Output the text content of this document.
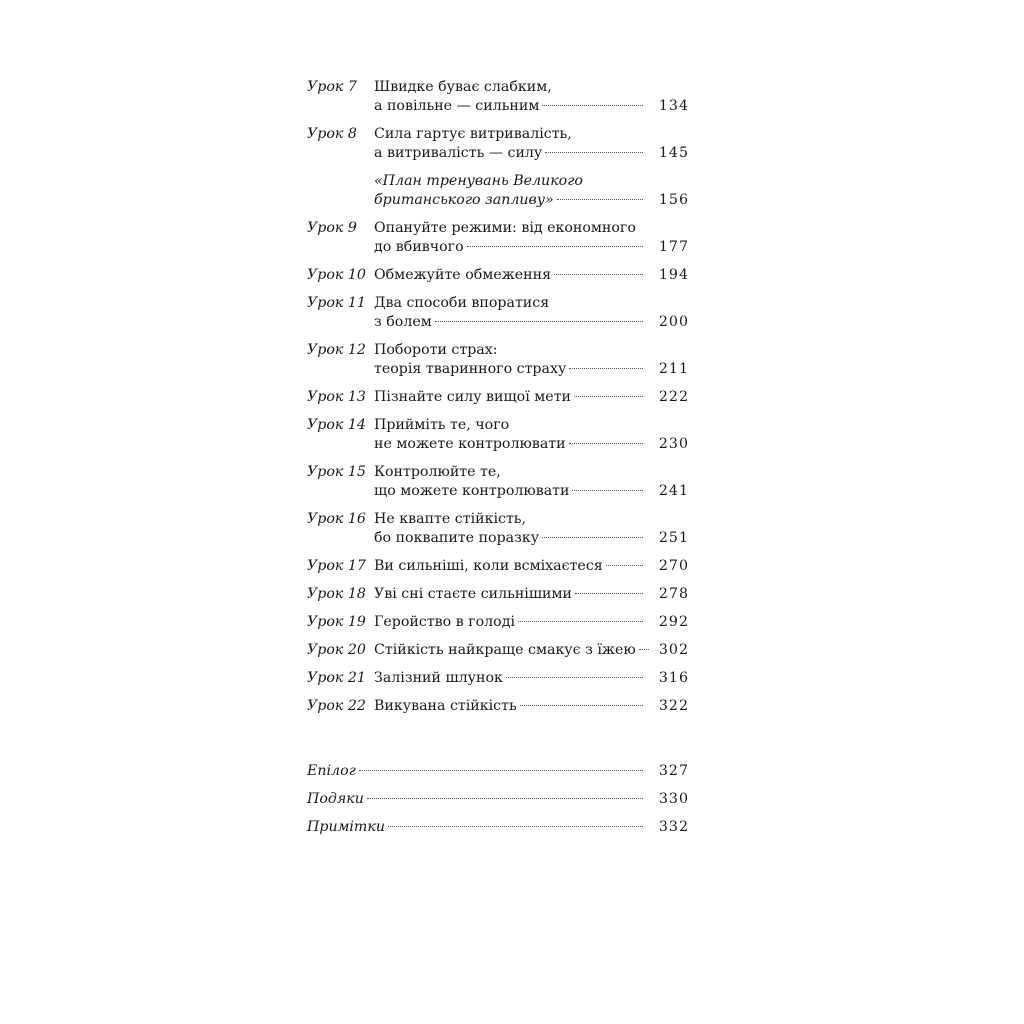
Урок 7	Швидке буває слабким,
а повільне — сильним	134
Урок 8	Сила гартує витривалість,
а витривалість — силу	145
«План тренувань Великого
британського запливу»	156
Урок 9	Опануйте режими: від економного
до вбивчого	177
Урок 10 Обмежуйте обмеження	194
Урок 11 Два способи впоратися
з болем	200
Урок 12 Побороти страх:
теорія тваринного страху	211
Урок 13 Пізнайте силу вищої мети	222
Урок 14 Прийміть те, чого
не можете контролювати	230
Урок 15 Контролюйте те,
що можете контролювати	241
Урок 16 Не квапте стійкість,
бо поквапите поразку	251
Урок 17 Ви сильніші, коли всміхаєтеся	270
Урок 18 Уві сні стаєте сильнішими	278
Урок 19 Геройство в голоді	292
Урок 20 Стійкість найкраще смакує з їжею	302
Урок 21 Залізний шлунок	316
Урок 22 Викувана стійкість	322
Епілог	327
Подяки	330
Примітки	332
